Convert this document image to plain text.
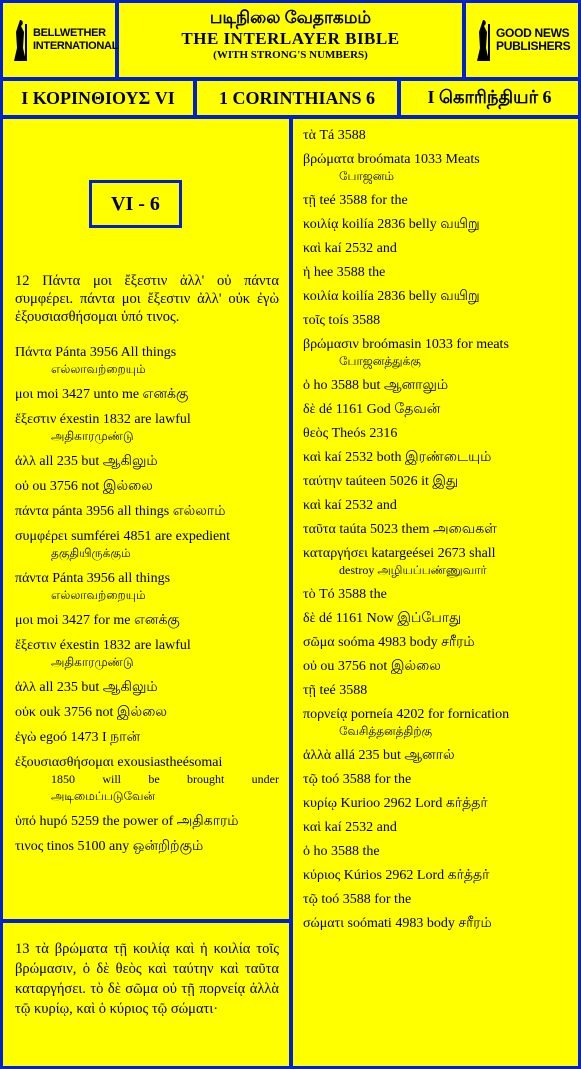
BELLWETHER INTERNATIONAL
படிநிலை வேதாகமம்
THE INTERLAYER BIBLE
(WITH STRONG'S NUMBERS)
GOOD NEWS PUBLISHERS
I ΚΟΡΙΝΘΙΟΥΣ VI	1 CORINTHIANS 6	I கொரிந்தியர் 6
VI - 6
12 Πάντα μοι ἔξεστιν ἀλλ' οὐ πάντα συμφέρει. πάντα μοι ἔξεστιν ἀλλ' οὐκ ἐγὼ ἐξουσιασθήσομαι ὑπό τινος.
Πάντα Pánta 3956 All things
எல்லாவற்றையும்
μοι moi 3427 unto me எனக்கு
ἔξεστιν éxestin 1832 are lawful
அதிகாரமுண்டு
ἀλλ all 235 but ஆகிலும்
οὐ ou 3756 not இல்லை
πάντα pánta 3956 all things எல்லாம்
συμφέρει sumférei 4851 are expedient
தகுதியிருக்கும்
πάντα Pánta 3956 all things
எல்லாவற்றையும்
μοι moi 3427 for me எனக்கு
ἔξεστιν éxestin 1832 are lawful
அதிகாரமுண்டு
ἀλλ all 235 but ஆகிலும்
οὐκ ouk 3756 not இல்லை
ἐγὼ egoó 1473 I நான்
ἐξουσιασθήσομαι exousiastheésomai
1850 will be brought under அடிமைப்படுவேன்
ὑπό hupó 5259 the power of அதிகாரம்
τινος tinos 5100 any ஒன்றிற்கும்
13 τὰ βρώματα τῇ κοιλίᾳ καὶ ἡ κοιλία τοῖς βρώμασιν, ὁ δὲ θεὸς καὶ ταύτην καὶ ταῦτα καταργήσει. τὸ δὲ σῶμα οὐ τῇ πορνείᾳ ἀλλὰ τῷ κυρίῳ, καὶ ὁ κύριος τῷ σώματι·
τὰ Tá 3588
βρώματα broómata 1033 Meats
போஜனம்
τῇ teé 3588 for the
κοιλίᾳ koilía 2836 belly வயிறு
καὶ kaí 2532 and
ἡ hee 3588 the
κοιλία koilía 2836 belly வயிறு
τοῖς toís 3588
βρώμασιν broómasin 1033 for meats
போஜனத்துக்கு
ὁ ho 3588 but ஆனாலும்
δὲ dé 1161 God தேவன்
θεὸς Theós 2316
καὶ kaí 2532 both இரண்டையும்
ταύτην taúteen 5026 it இது
καὶ kaí 2532 and
ταῦτα taúta 5023 them அவைகள்
καταργήσει katargeései 2673 shall
destroy அழியப்பண்ணுவார்
τὸ Tó 3588 the
δὲ dé 1161 Now இப்போது
σῶμα soóma 4983 body சரீரம்
οὐ ou 3756 not இல்லை
τῇ teé 3588
πορνείᾳ porneía 4202 for fornication
வேசித்தனத்திற்கு
ἀλλὰ allá 235 but ஆனால்
τῷ toó 3588 for the
κυρίῳ Kurioo 2962 Lord கர்த்தர்
καὶ kaí 2532 and
ὁ ho 3588 the
κύριος Kúrios 2962 Lord கர்த்தர்
τῷ toó 3588 for the
σώματι soómati 4983 body சரீரம்
